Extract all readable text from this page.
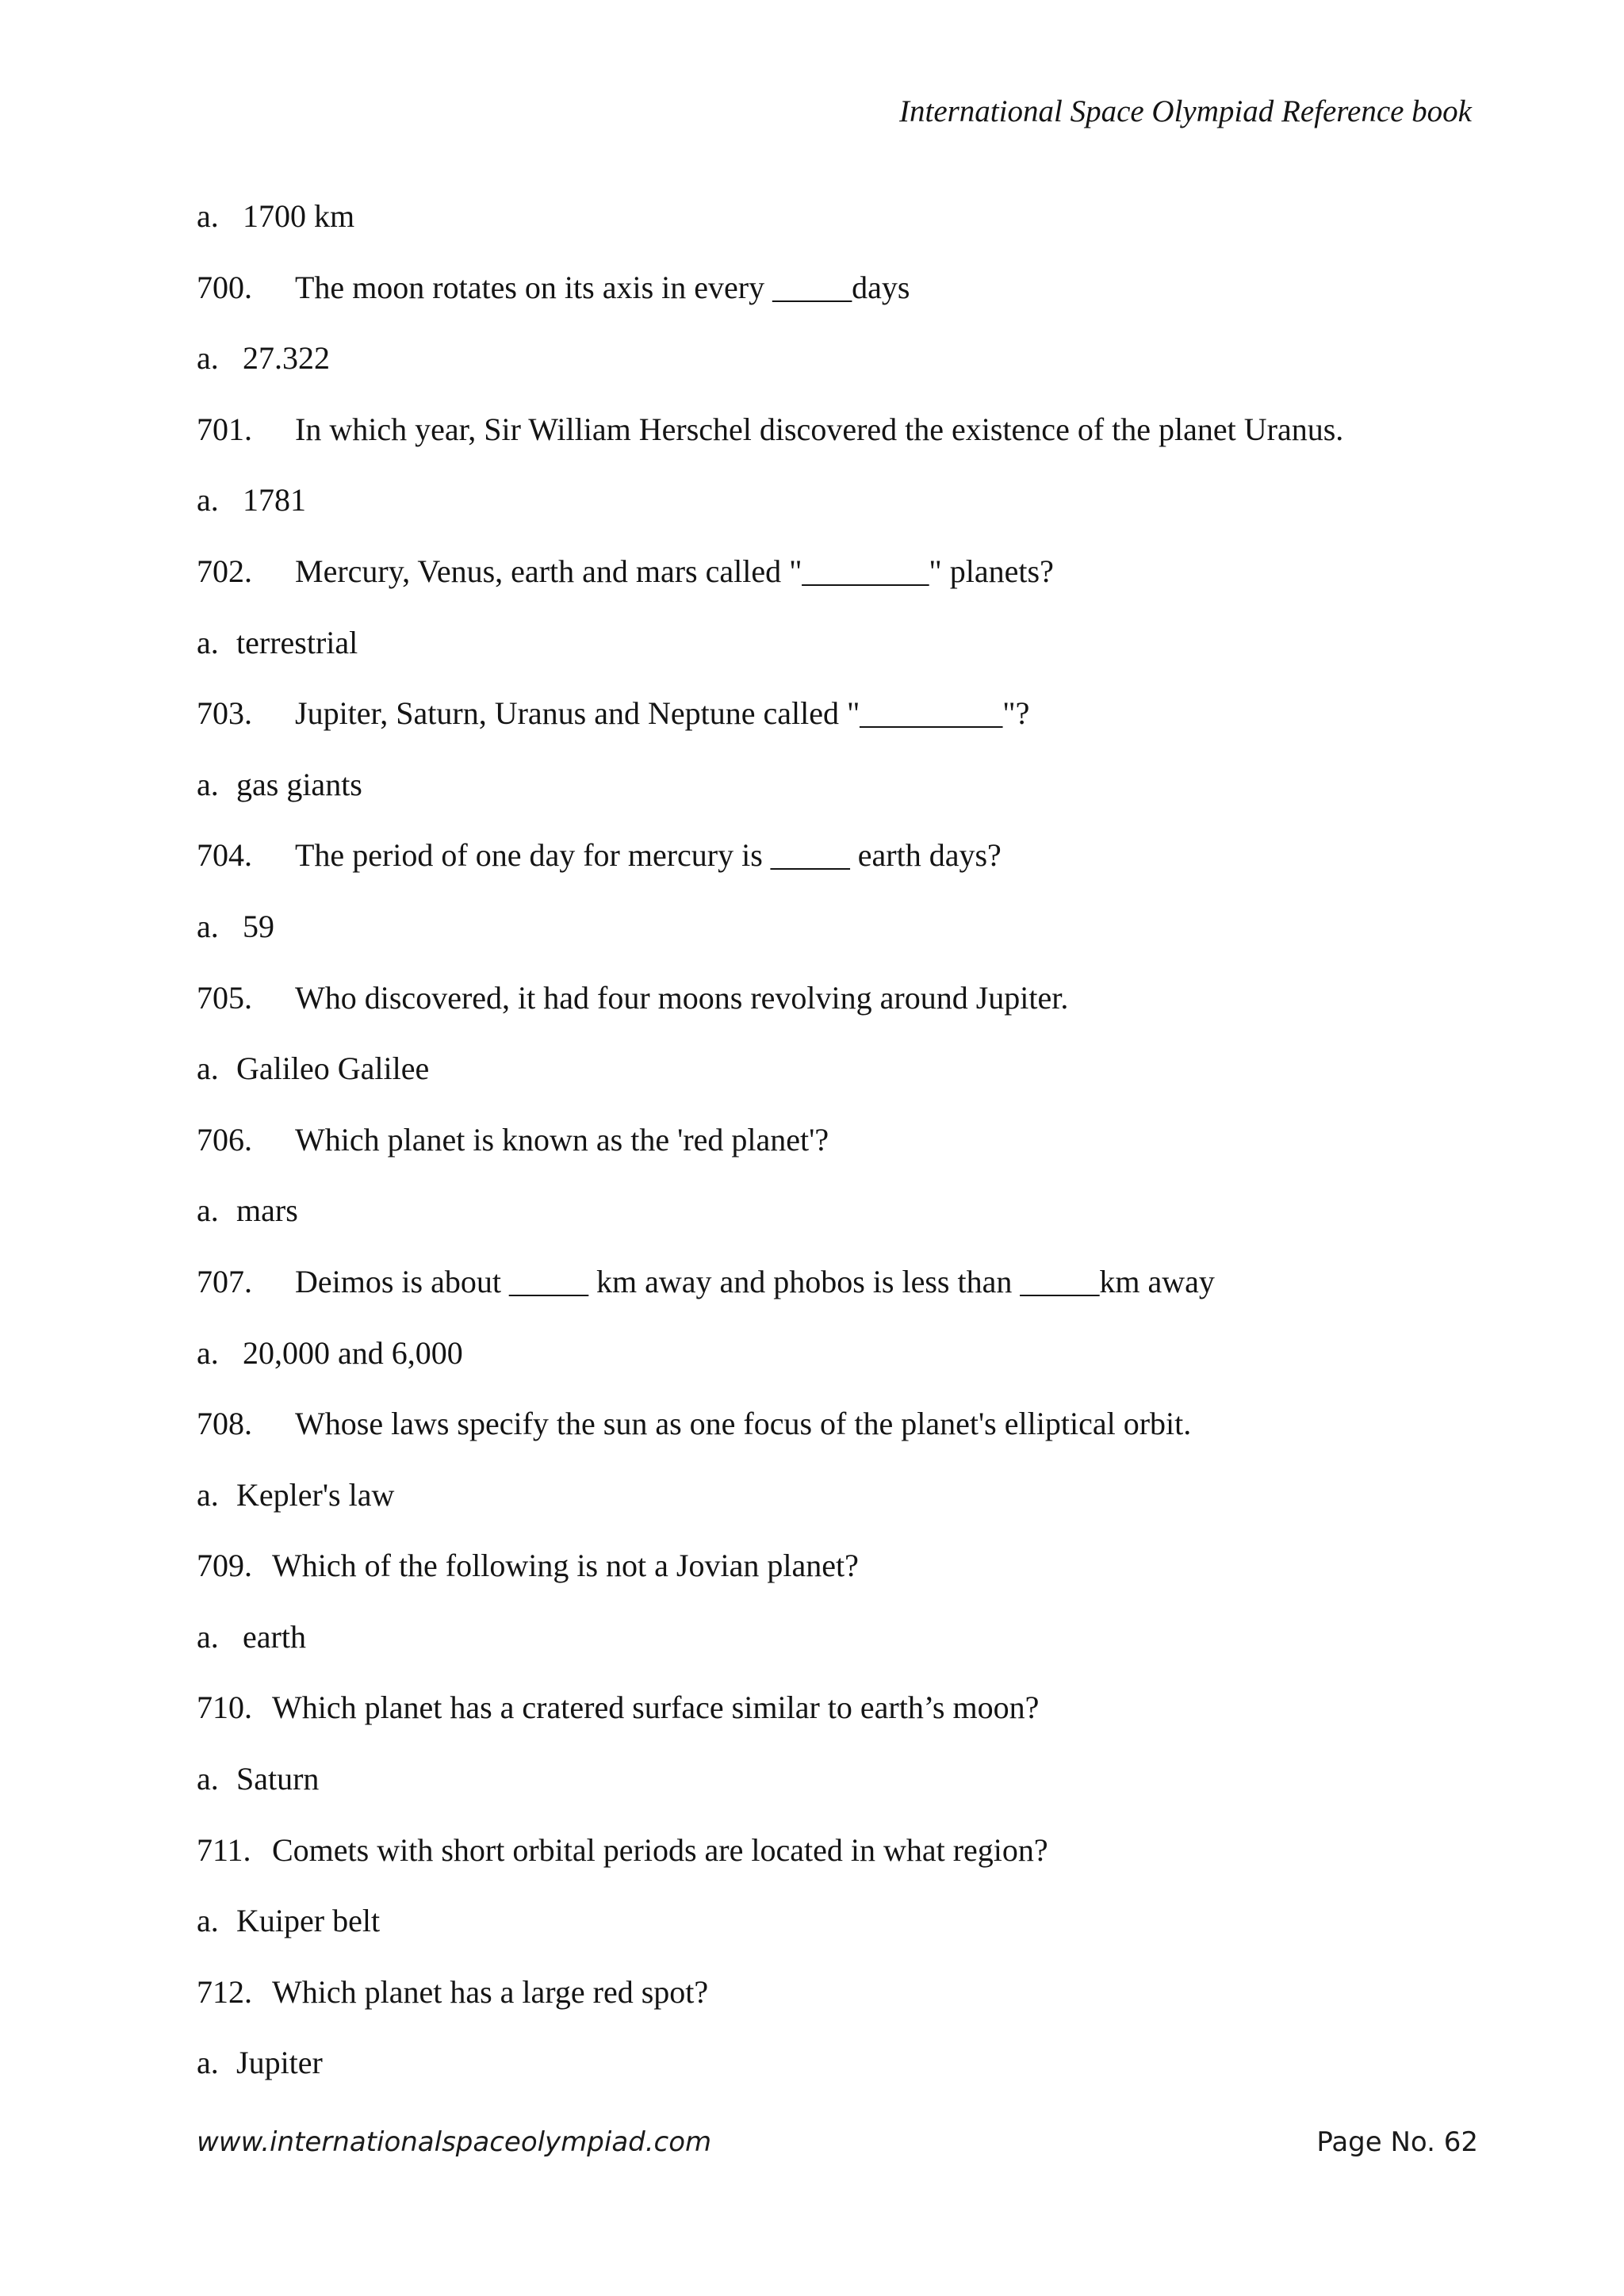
International Space Olympiad Reference book
a. 1700 km
700. The moon rotates on its axis in every _____days
a. 27.322
701. In which year, Sir William Herschel discovered the existence of the planet Uranus.
a. 1781
702. Mercury, Venus, earth and mars called "________" planets?
a. terrestrial
703. Jupiter, Saturn, Uranus and Neptune called "_________"?
a. gas giants
704. The period of one day for mercury is _____ earth days?
a. 59
705. Who discovered, it had four moons revolving around Jupiter.
a. Galileo Galilee
706. Which planet is known as the 'red planet'?
a. mars
707. Deimos is about _____ km away and phobos is less than _____km away
a. 20,000 and 6,000
708. Whose laws specify the sun as one focus of the planet's elliptical orbit.
a. Kepler's law
709. Which of the following is not a Jovian planet?
a. earth
710. Which planet has a cratered surface similar to earth’s moon?
a. Saturn
711. Comets with short orbital periods are located in what region?
a. Kuiper belt
712. Which planet has a large red spot?
a. Jupiter
www.internationalspaceolympiad.com	Page No. 62
